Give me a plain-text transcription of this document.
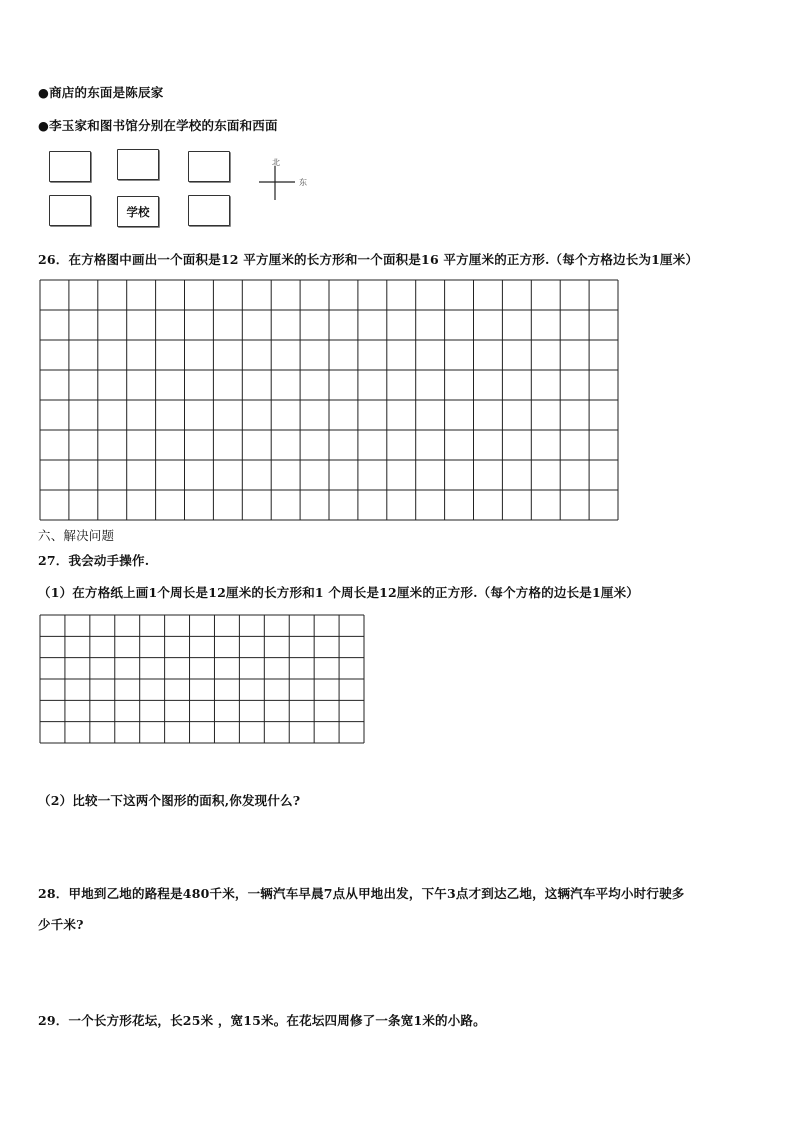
●商店的东面是陈辰家
●李玉家和图书馆分别在学校的东面和西面
学校
北
东
26．在方格图中画出一个面积是12 平方厘米的长方形和一个面积是16 平方厘米的正方形.（每个方格边长为1厘米）
六、解决问题
27．我会动手操作.
（1）在方格纸上画1个周长是12厘米的长方形和1 个周长是12厘米的正方形.（每个方格的边长是1厘米）
（2）比较一下这两个图形的面积,你发现什么?
28．甲地到乙地的路程是480千米，一辆汽车早晨7点从甲地出发，下午3点才到达乙地，这辆汽车平均小时行驶多
少千米?
29．一个长方形花坛，长25米 ，宽15米。在花坛四周修了一条宽1米的小路。
